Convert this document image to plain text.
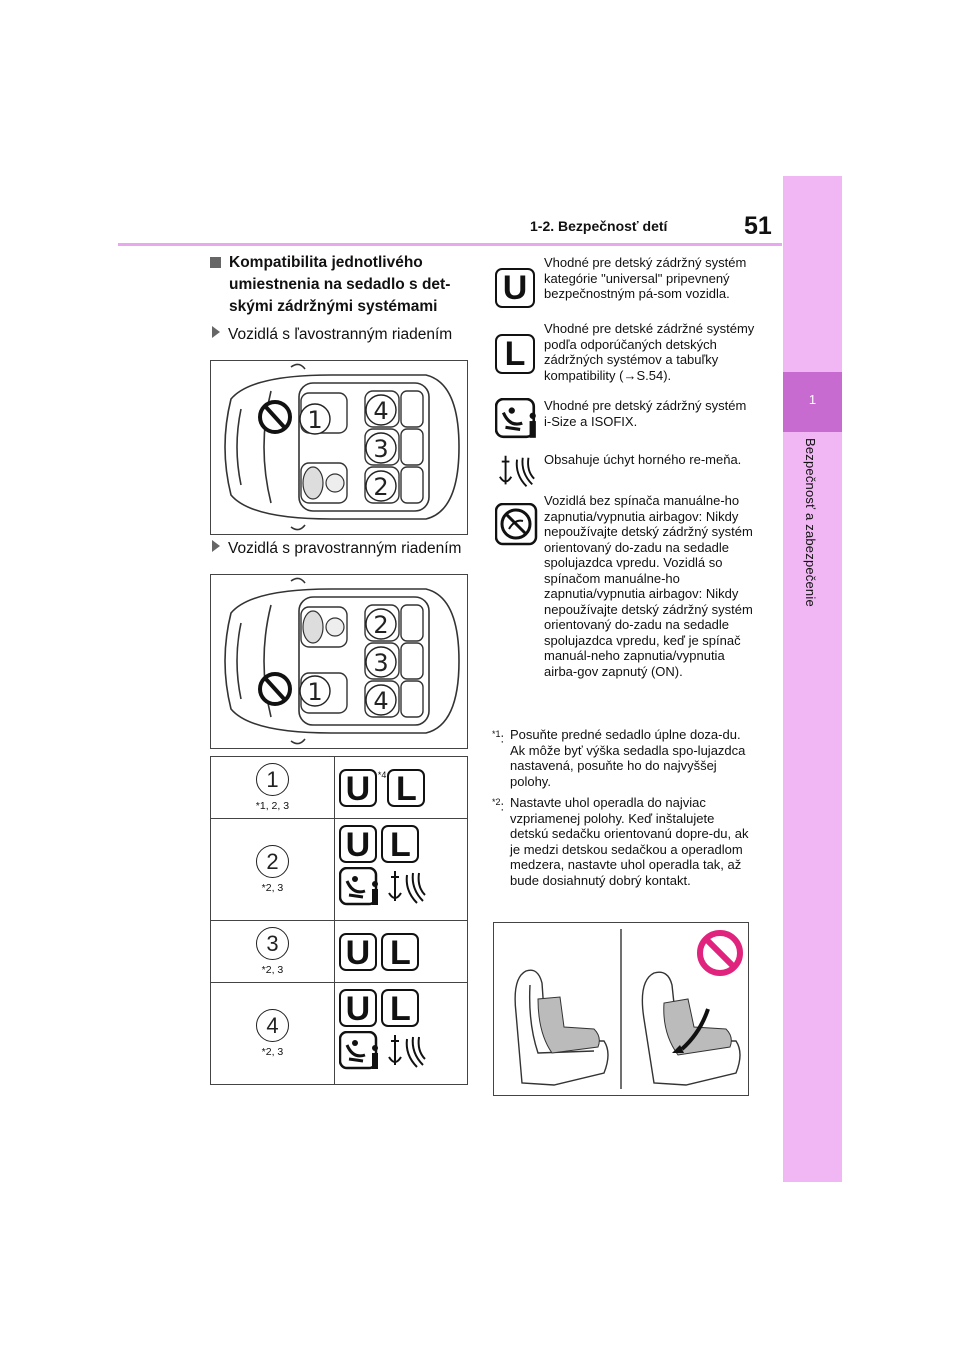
1-2. Bezpečnosť detí	51
1
Bezpečnosť a zabezpečenie
Kompatibilita jednotlivého umiestnenia na sedadlo s det-skými zádržnými systémami
Vozidlá s ľavostranným riadením
1 4
3
2
Vozidlá s pravostranným riadením
1
2
3
4
1
*1, 2, 3	U $^{*4}$ L
2
*2, 3	U L

3
*2, 3	U L
4
*2, 3	U L

U
Vhodné pre detský zádržný systém kategórie "universal" pripevnený bezpečnostným pá-som vozidla.
L
Vhodné pre detské zádržné systémy podľa odporúčaných detských zádržných systémov a tabuľky kompatibility (→S.54).
Vhodné pre detský zádržný systém i-Size a ISOFIX.
Obsahuje úchyt horného re-meňa.
Vozidlá bez spínača manuálne-ho zapnutia/vypnutia airbagov: Nikdy nepoužívajte detský zádržný systém orientovaný do-zadu na sedadle spolujazdca vpredu. Vozidlá so spínačom manuálne-ho zapnutia/vypnutia airbagov: Nikdy nepoužívajte detský zádržný systém orientovaný do-zadu na sedadle spolujazdca vpredu, keď je spínač manuál-neho zapnutia/vypnutia airba-gov zapnutý (ON).
$^{*1}$: Posuňte predné sedadlo úplne doza-du. Ak môže byť výška sedadla spo-lujazdca nastavená, posuňte ho do najvyššej polohy.
$^{*2}$: Nastavte uhol operadla do najviac vzpriamenej polohy. Keď inštalujete detskú sedačku orientovanú dopre-du, ak je medzi detskou sedačkou a operadlom medzera, nastavte uhol operadla tak, až bude dosiahnutý dobrý kontakt.
